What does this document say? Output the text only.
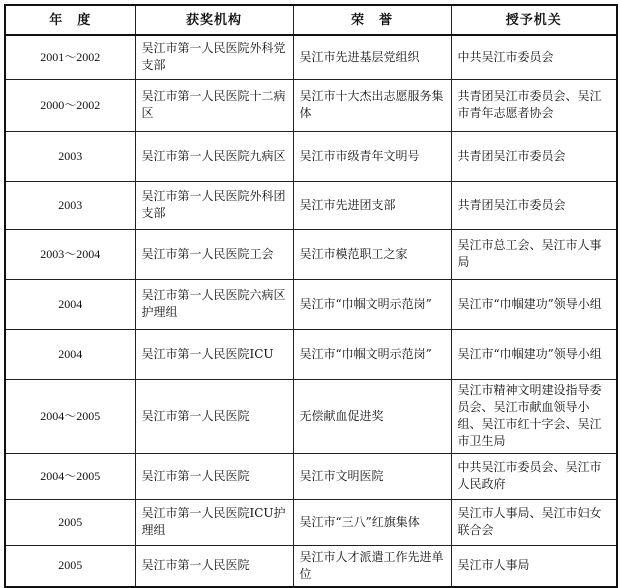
年　度	获奖机构	荣　誉	授予机关
2001～2002	吴江市第一人民医院外科党支部	吴江市先进基层党组织	中共吴江市委员会
2000～2002	吴江市第一人民医院十二病区	吴江市十大杰出志愿服务集体	共青团吴江市委员会、吴江市青年志愿者协会
2003	吴江市第一人民医院九病区	吴江市市级青年文明号	共青团吴江市委员会
2003	吴江市第一人民医院外科团支部	吴江市先进团支部	共青团吴江市委员会
2003～2004	吴江市第一人民医院工会	吴江市模范职工之家	吴江市总工会、吴江市人事局
2004	吴江市第一人民医院六病区护理组	吴江市“巾帼文明示范岗”	吴江市“巾帼建功”领导小组
2004	吴江市第一人民医院ICU	吴江市“巾帼文明示范岗”	吴江市“巾帼建功”领导小组
2004～2005	吴江市第一人民医院	无偿献血促进奖	吴江市精神文明建设指导委员会、吴江市献血领导小组、吴江市红十字会、吴江市卫生局
2004～2005	吴江市第一人民医院	吴江市文明医院	中共吴江市委员会、吴江市人民政府
2005	吴江市第一人民医院ICU护理组	吴江市“三八”红旗集体	吴江市人事局、吴江市妇女联合会
2005	吴江市第一人民医院	吴江市人才派遣工作先进单位	吴江市人事局
